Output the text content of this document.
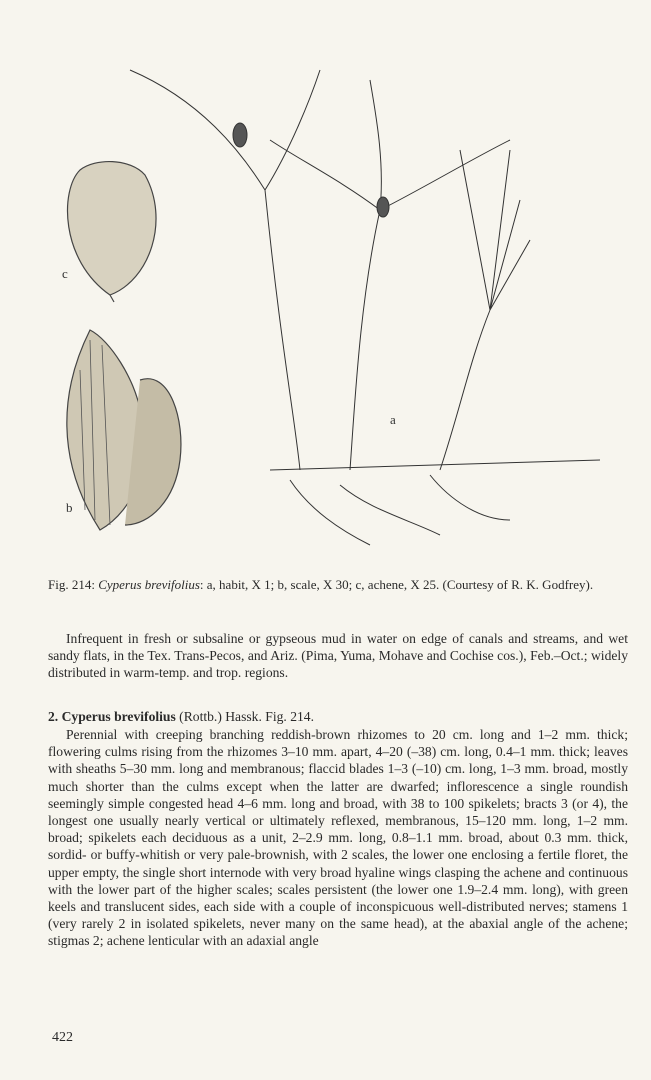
a
b
c
Fig. 214: Cyperus brevifolius: a, habit, X 1; b, scale, X 30; c, achene, X 25. (Courtesy of R. K. Godfrey).
Infrequent in fresh or subsaline or gypseous mud in water on edge of canals and streams, and wet sandy flats, in the Tex. Trans-Pecos, and Ariz. (Pima, Yuma, Mohave and Cochise cos.), Feb.–Oct.; widely distributed in warm-temp. and trop. regions.
2. Cyperus brevifolius (Rottb.) Hassk. Fig. 214.
Perennial with creeping branching reddish-brown rhizomes to 20 cm. long and 1–2 mm. thick; flowering culms rising from the rhizomes 3–10 mm. apart, 4–20 (–38) cm. long, 0.4–1 mm. thick; leaves with sheaths 5–30 mm. long and membranous; flaccid blades 1–3 (–10) cm. long, 1–3 mm. broad, mostly much shorter than the culms except when the latter are dwarfed; inflorescence a single roundish seemingly simple congested head 4–6 mm. long and broad, with 38 to 100 spikelets; bracts 3 (or 4), the longest one usually nearly vertical or ultimately reflexed, membranous, 15–120 mm. long, 1–2 mm. broad; spikelets each deciduous as a unit, 2–2.9 mm. long, 0.8–1.1 mm. broad, about 0.3 mm. thick, sordid- or buffy-whitish or very pale-brownish, with 2 scales, the lower one enclosing a fertile floret, the upper empty, the single short internode with very broad hyaline wings clasping the achene and continuous with the lower part of the higher scales; scales persistent (the lower one 1.9–2.4 mm. long), with green keels and translucent sides, each side with a couple of inconspicuous well-distributed nerves; stamens 1 (very rarely 2 in isolated spikelets, never many on the same head), at the abaxial angle of the achene; stigmas 2; achene lenticular with an adaxial angle
422
